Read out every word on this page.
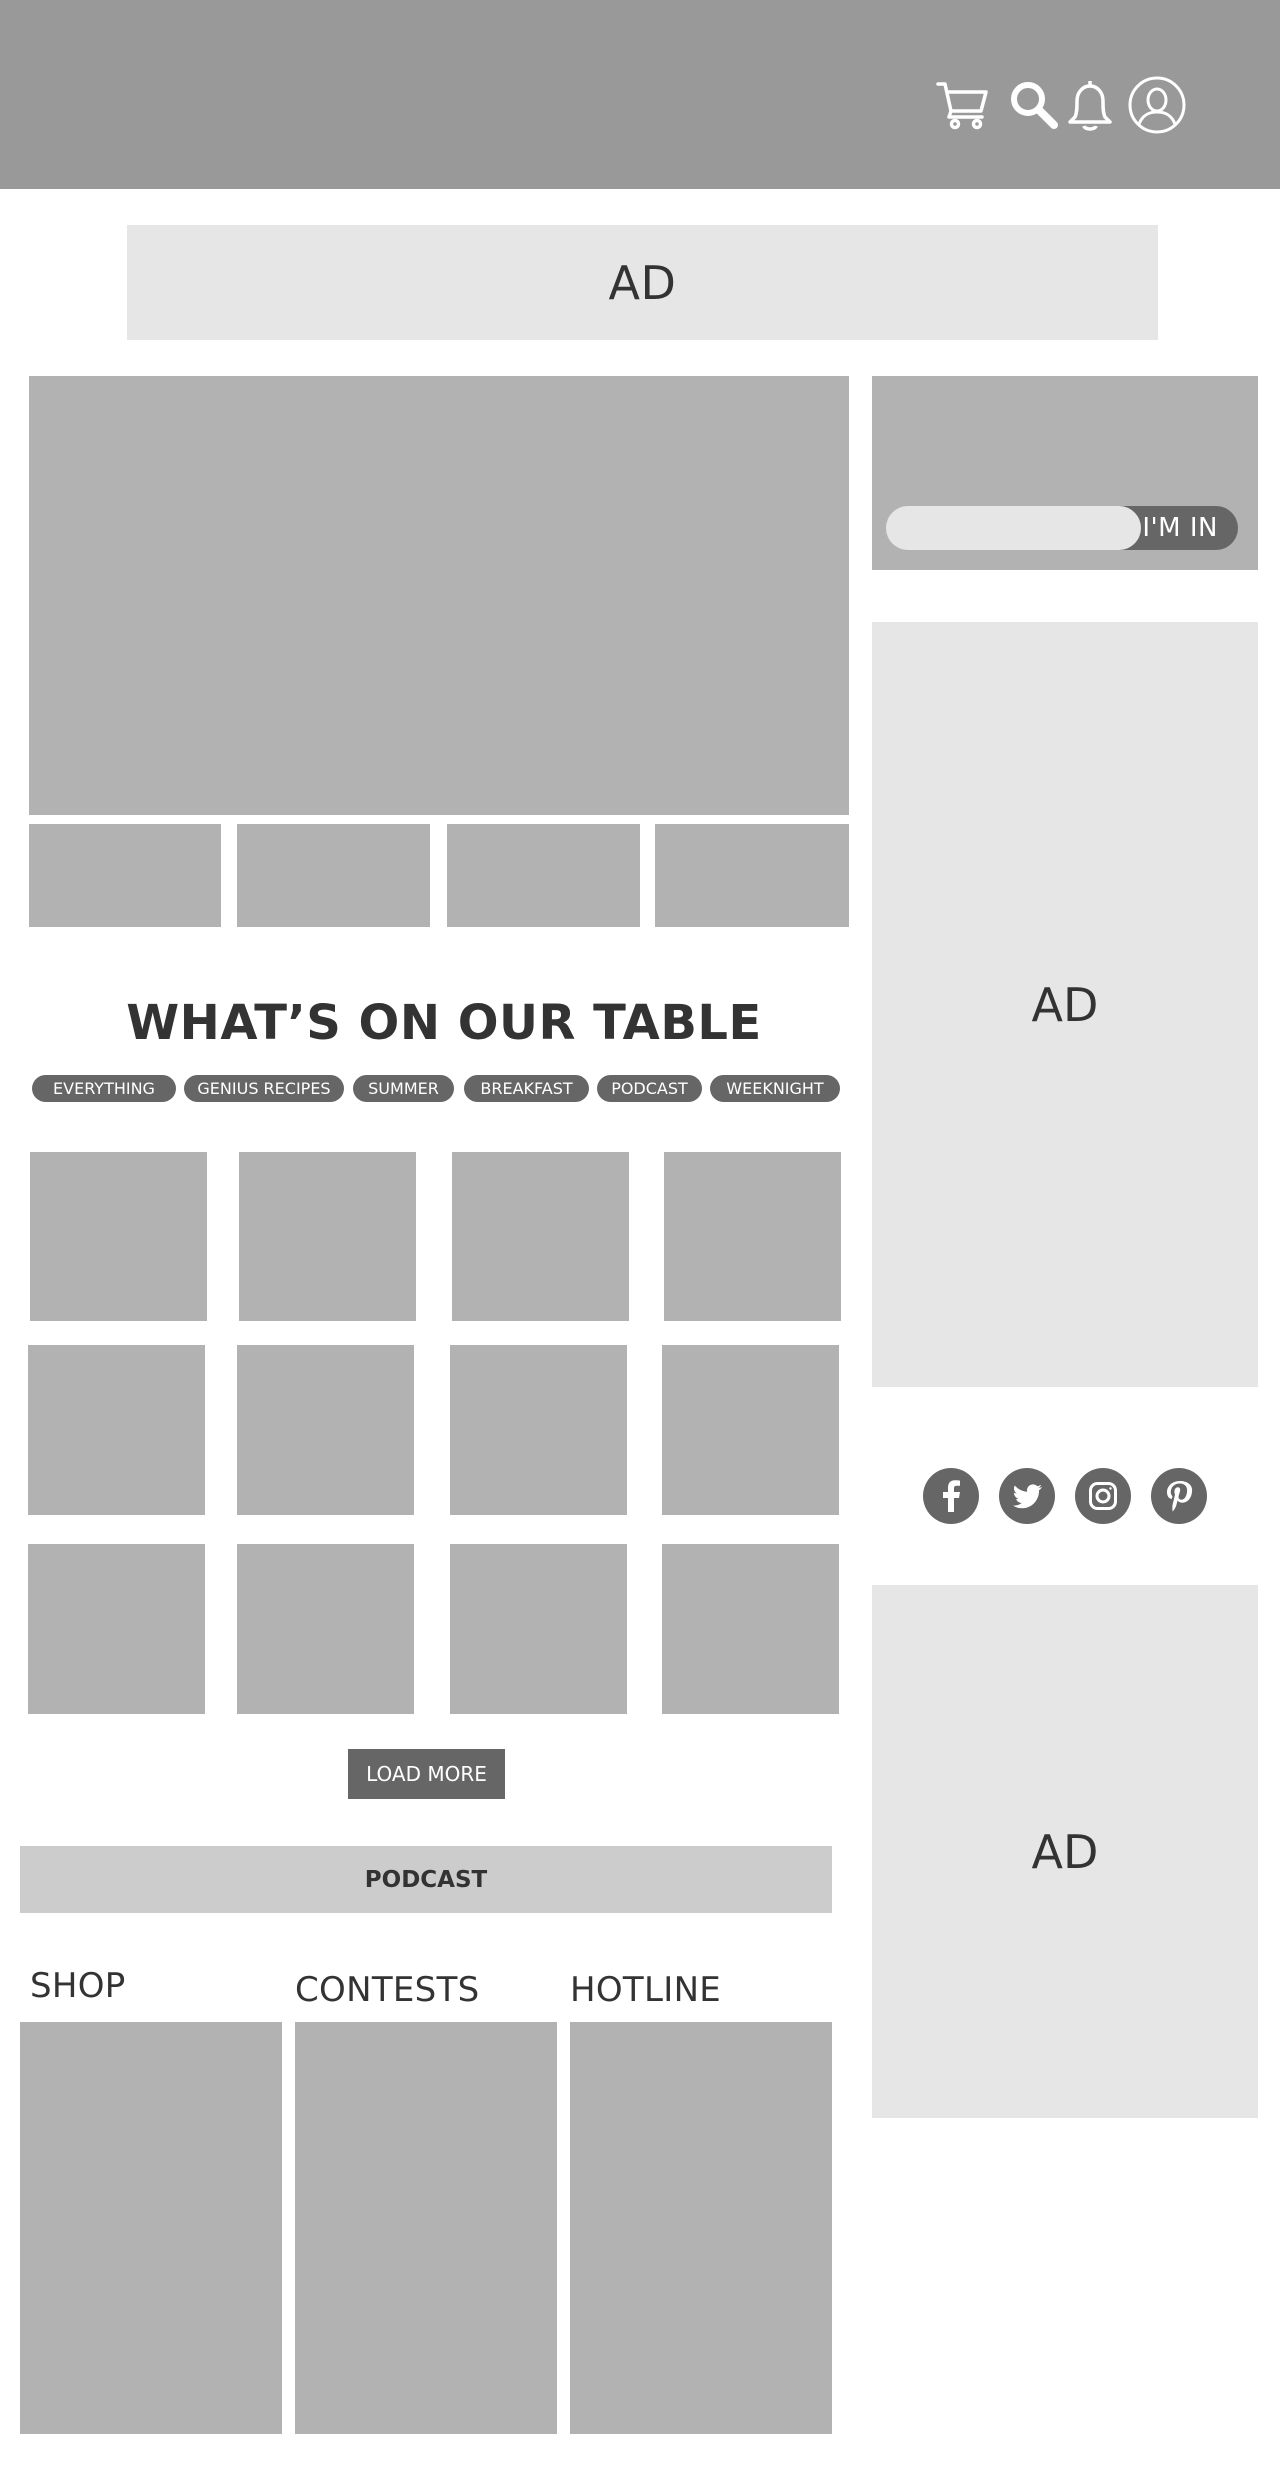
AD
I'M IN
AD
AD
WHAT’S ON OUR TABLE
EVERYTHING	GENIUS RECIPES SUMMER	BREAKFAST PODCAST WEEKNIGHT
LOAD MORE
PODCAST
SHOP	CONTESTS	HOTLINE
